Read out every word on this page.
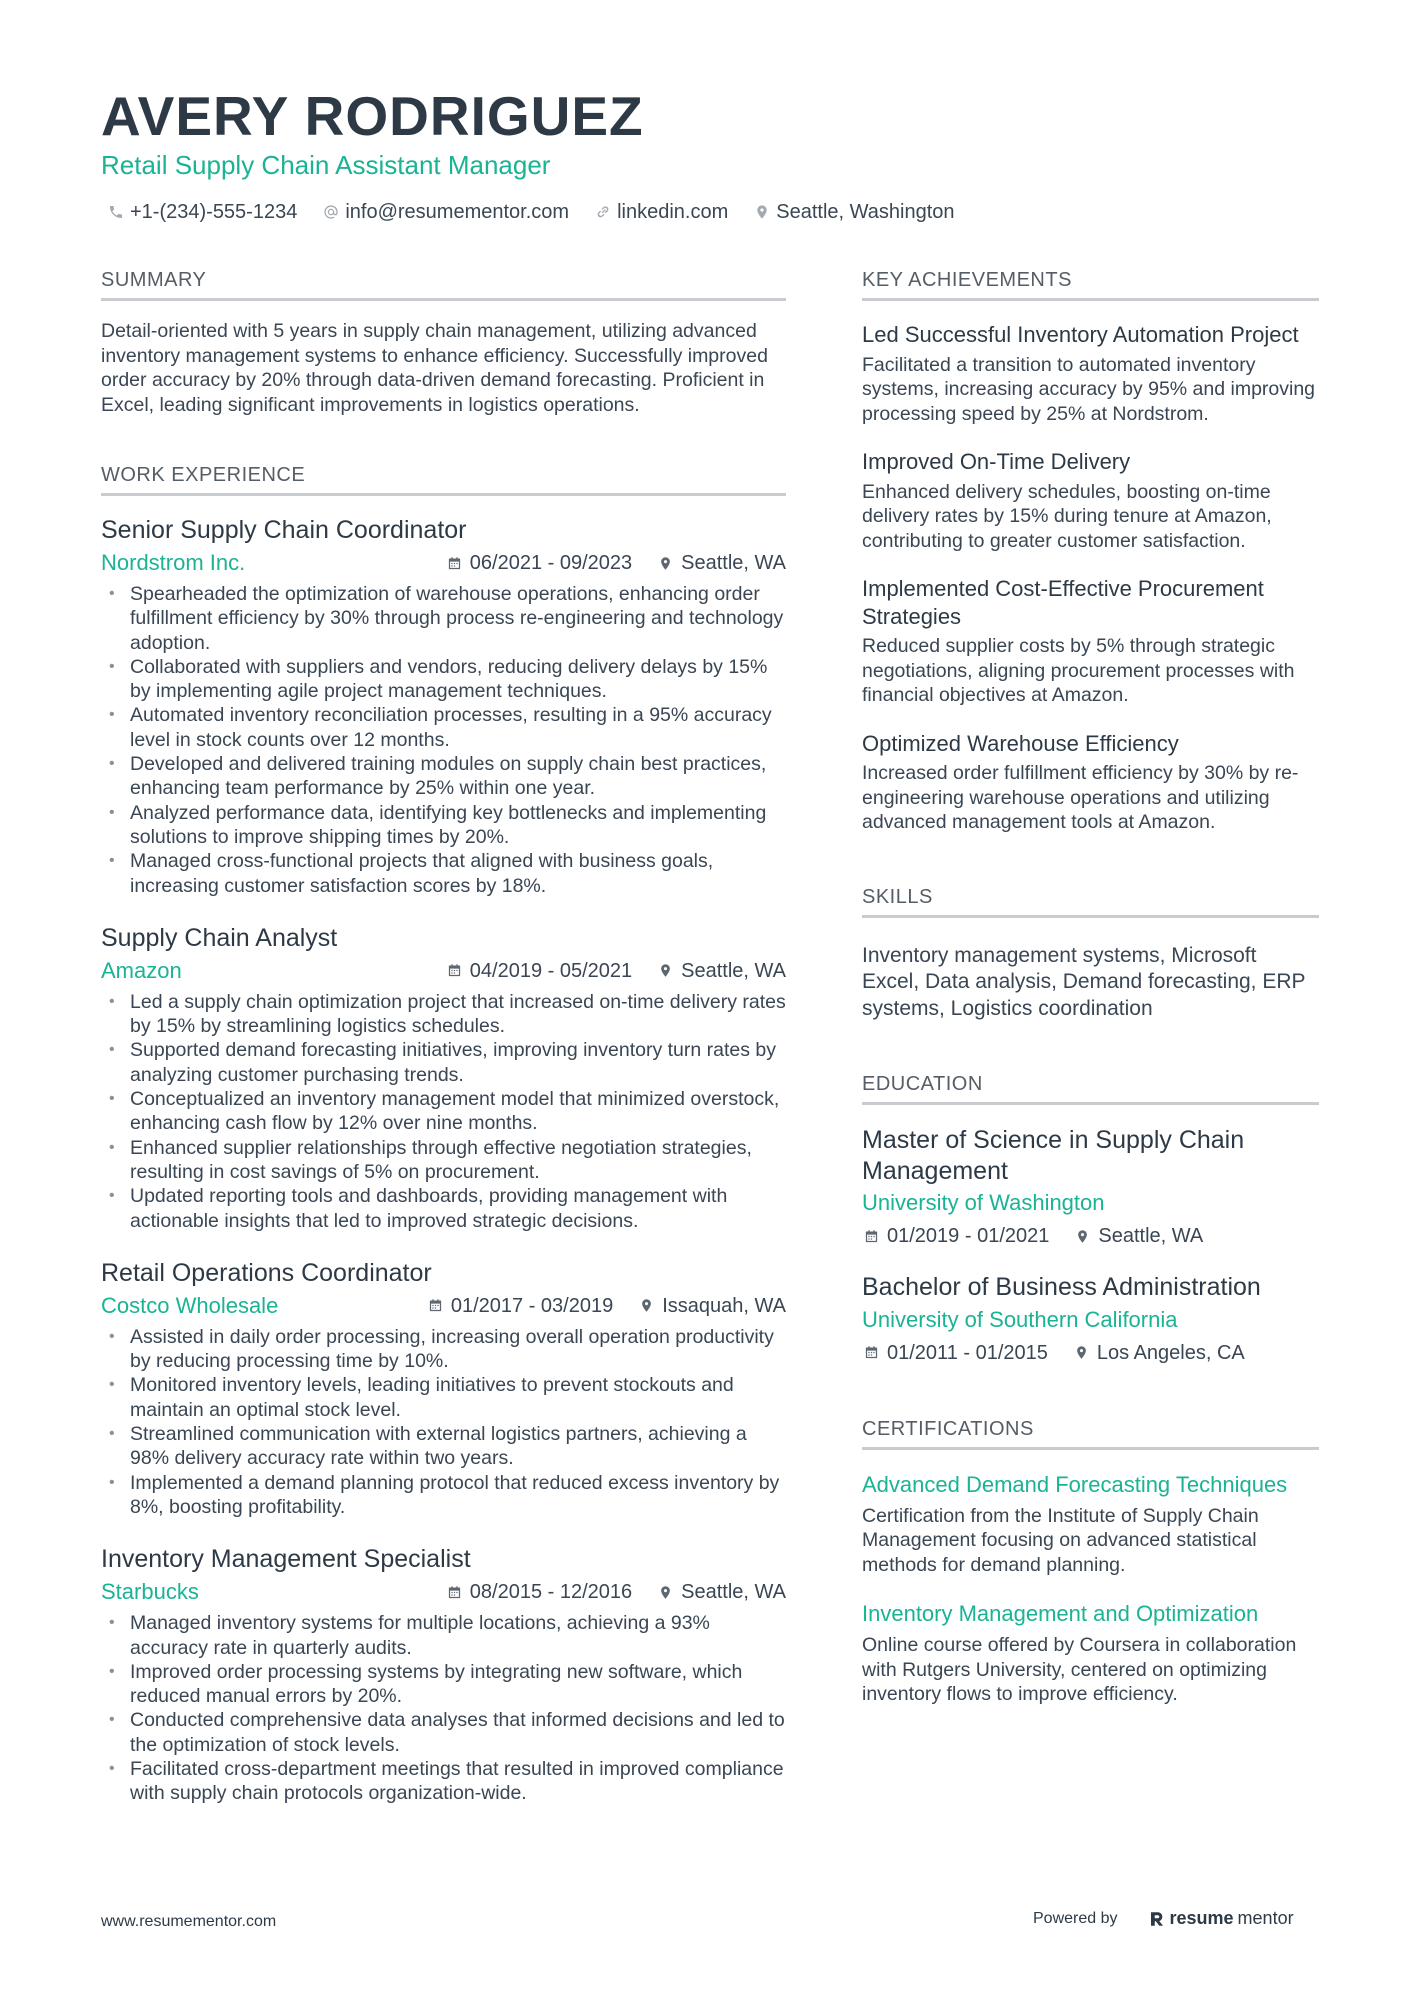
AVERY RODRIGUEZ
Retail Supply Chain Assistant Manager
+1-(234)-555-1234 info@resumementor.com linkedin.com Seattle, Washington
SUMMARY
Detail-oriented with 5 years in supply chain management, utilizing advanced inventory management systems to enhance efficiency. Successfully improved order accuracy by 20% through data-driven demand forecasting. Proficient in Excel, leading significant improvements in logistics operations.
WORK EXPERIENCE
Senior Supply Chain Coordinator
Nordstrom Inc.	06/2021 - 09/2023 Seattle, WA
• Spearheaded the optimization of warehouse operations, enhancing order fulfillment efficiency by 30% through process re-engineering and technology adoption.
• Collaborated with suppliers and vendors, reducing delivery delays by 15% by implementing agile project management techniques.
• Automated inventory reconciliation processes, resulting in a 95% accuracy level in stock counts over 12 months.
• Developed and delivered training modules on supply chain best practices, enhancing team performance by 25% within one year.
• Analyzed performance data, identifying key bottlenecks and implementing solutions to improve shipping times by 20%.
• Managed cross-functional projects that aligned with business goals, increasing customer satisfaction scores by 18%.
Supply Chain Analyst
Amazon	04/2019 - 05/2021 Seattle, WA
• Led a supply chain optimization project that increased on-time delivery rates by 15% by streamlining logistics schedules.
• Supported demand forecasting initiatives, improving inventory turn rates by analyzing customer purchasing trends.
• Conceptualized an inventory management model that minimized overstock, enhancing cash flow by 12% over nine months.
• Enhanced supplier relationships through effective negotiation strategies, resulting in cost savings of 5% on procurement.
• Updated reporting tools and dashboards, providing management with actionable insights that led to improved strategic decisions.
Retail Operations Coordinator
Costco Wholesale	01/2017 - 03/2019 Issaquah, WA
• Assisted in daily order processing, increasing overall operation productivity by reducing processing time by 10%.
• Monitored inventory levels, leading initiatives to prevent stockouts and maintain an optimal stock level.
• Streamlined communication with external logistics partners, achieving a 98% delivery accuracy rate within two years.
• Implemented a demand planning protocol that reduced excess inventory by 8%, boosting profitability.
Inventory Management Specialist
Starbucks	08/2015 - 12/2016 Seattle, WA
• Managed inventory systems for multiple locations, achieving a 93% accuracy rate in quarterly audits.
• Improved order processing systems by integrating new software, which reduced manual errors by 20%.
• Conducted comprehensive data analyses that informed decisions and led to the optimization of stock levels.
• Facilitated cross-department meetings that resulted in improved compliance with supply chain protocols organization-wide.
KEY ACHIEVEMENTS
Led Successful Inventory Automation Project
Facilitated a transition to automated inventory systems, increasing accuracy by 95% and improving processing speed by 25% at Nordstrom.
Improved On-Time Delivery
Enhanced delivery schedules, boosting on-time delivery rates by 15% during tenure at Amazon, contributing to greater customer satisfaction.
Implemented Cost-Effective Procurement Strategies
Reduced supplier costs by 5% through strategic negotiations, aligning procurement processes with financial objectives at Amazon.
Optimized Warehouse Efficiency
Increased order fulfillment efficiency by 30% by re-engineering warehouse operations and utilizing advanced management tools at Amazon.
SKILLS
Inventory management systems, Microsoft Excel, Data analysis, Demand forecasting, ERP systems, Logistics coordination
EDUCATION
Master of Science in Supply Chain Management
University of Washington
01/2019 - 01/2021 Seattle, WA
Bachelor of Business Administration
University of Southern California
01/2011 - 01/2015 Los Angeles, CA
CERTIFICATIONS
Advanced Demand Forecasting Techniques
Certification from the Institute of Supply Chain Management focusing on advanced statistical methods for demand planning.
Inventory Management and Optimization
Online course offered by Coursera in collaboration with Rutgers University, centered on optimizing inventory flows to improve efficiency.
www.resumementor.com	Powered by	resume mentor
